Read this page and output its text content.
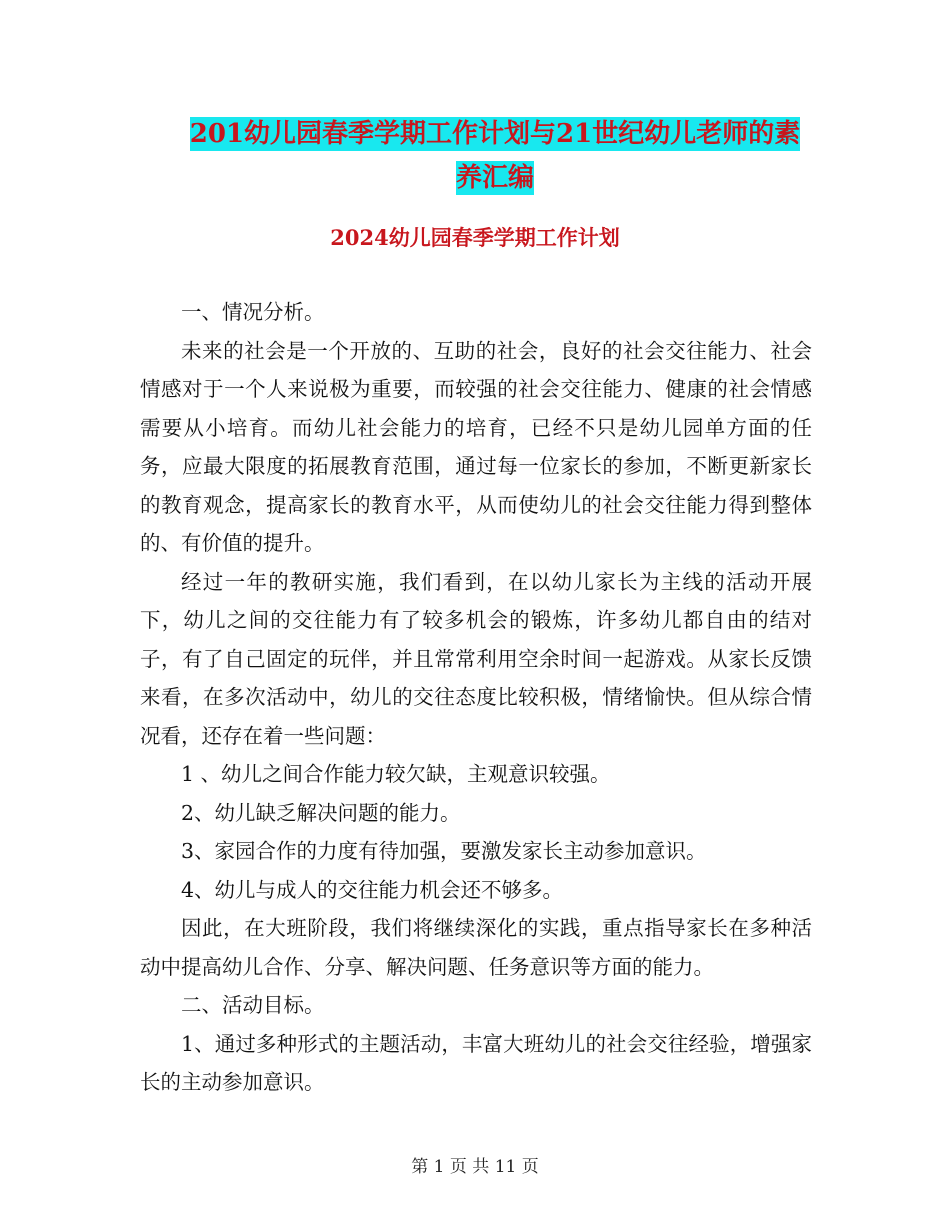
201幼儿园春季学期工作计划与21世纪幼儿老师的素
养汇编
2024幼儿园春季学期工作计划

一、情况分析。

未来的社会是一个开放的、互助的社会，良好的社会交往能力、社会情感对于一个人来说极为重要，而较强的社会交往能力、健康的社会情感需要从小培育。而幼儿社会能力的培育，已经不只是幼儿园单方面的任务，应最大限度的拓展教育范围，通过每一位家长的参加，不断更新家长的教育观念，提高家长的教育水平，从而使幼儿的社会交往能力得到整体的、有价值的提升。

经过一年的教研实施，我们看到，在以幼儿家长为主线的活动开展下，幼儿之间的交往能力有了较多机会的锻炼，许多幼儿都自由的结对子，有了自己固定的玩伴，并且常常利用空余时间一起游戏。从家长反馈来看，在多次活动中，幼儿的交往态度比较积极，情绪愉快。但从综合情况看，还存在着一些问题：

1 、幼儿之间合作能力较欠缺，主观意识较强。

2、幼儿缺乏解决问题的能力。

3、家园合作的力度有待加强，要激发家长主动参加意识。

4、幼儿与成人的交往能力机会还不够多。

因此，在大班阶段，我们将继续深化的实践，重点指导家长在多种活动中提高幼儿合作、分享、解决问题、任务意识等方面的能力。

二、活动目标。

1、通过多种形式的主题活动，丰富大班幼儿的社会交往经验，增强家长的主动参加意识。

第 1 页 共 11 页
